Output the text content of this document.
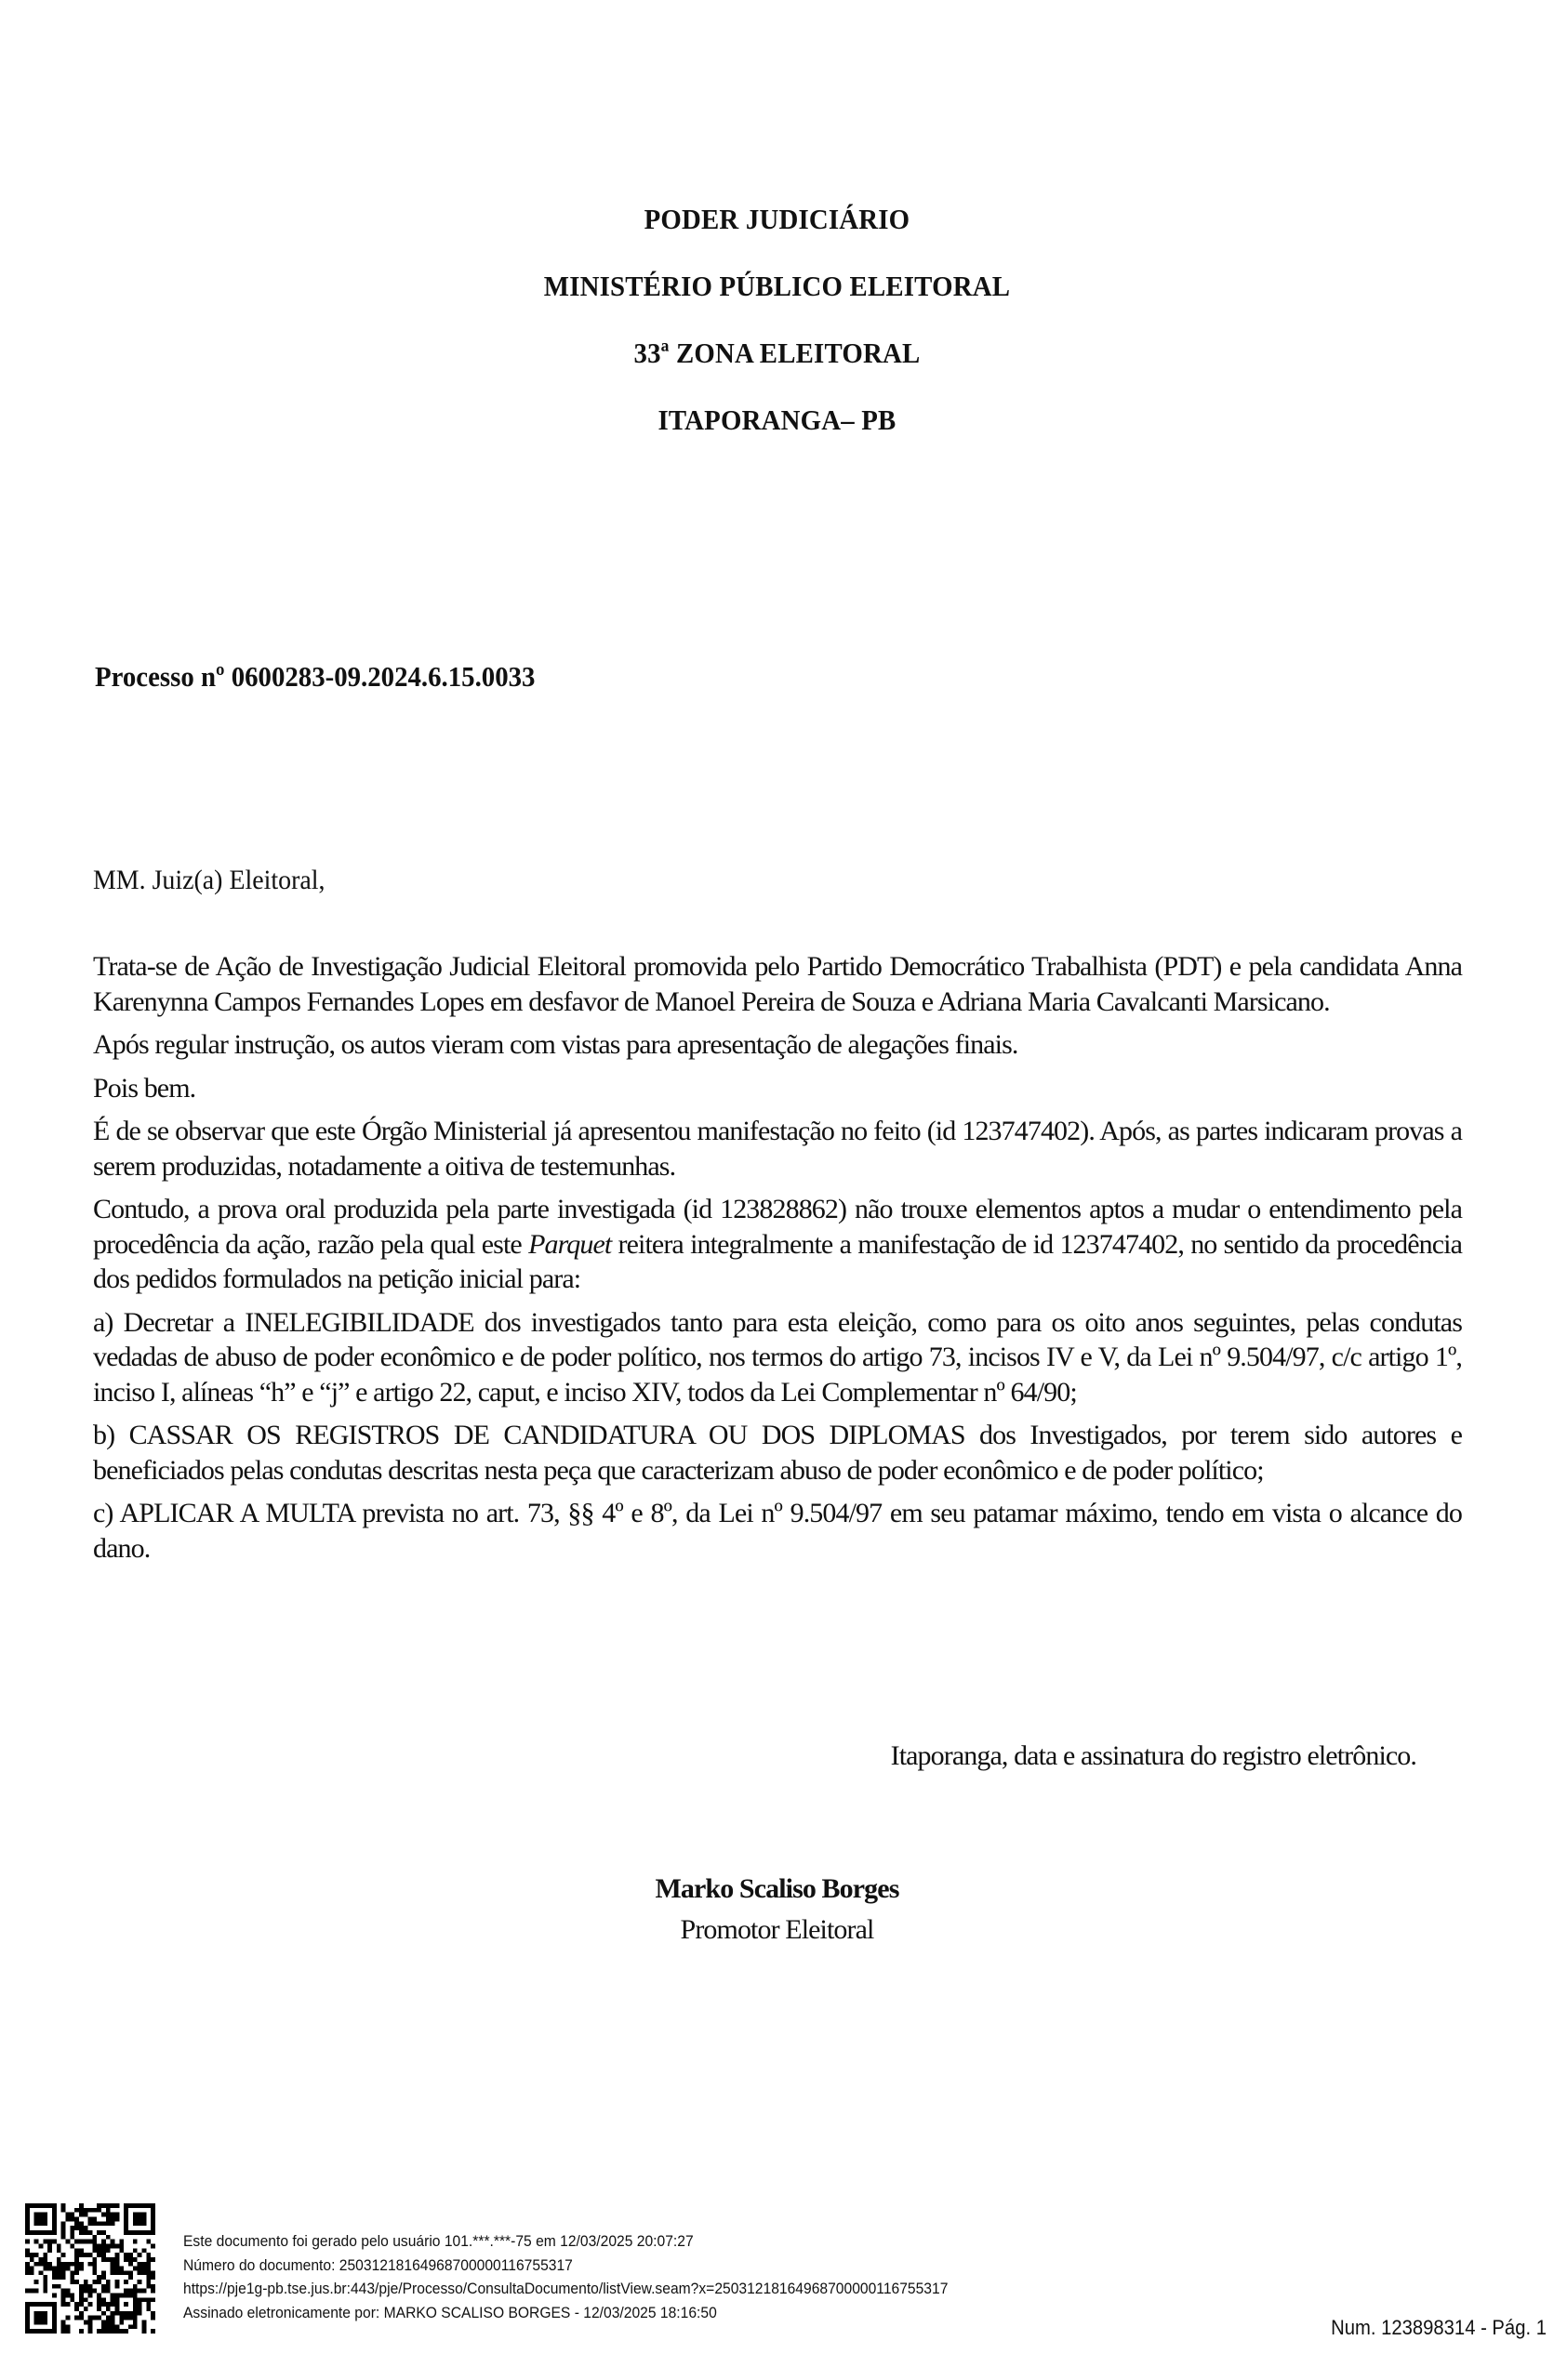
PODER JUDICIÁRIO
MINISTÉRIO PÚBLICO ELEITORAL
33ª ZONA ELEITORAL
ITAPORANGA– PB
Processo nº 0600283-09.2024.6.15.0033
MM. Juiz(a) Eleitoral,

Trata-se de Ação de Investigação Judicial Eleitoral promovida pelo Partido Democrático Trabalhista (PDT) e pela candidata Anna Karenynna Campos Fernandes Lopes em desfavor de Manoel Pereira de Souza e Adriana Maria Cavalcanti Marsicano.

Após regular instrução, os autos vieram com vistas para apresentação de alegações finais.

Pois bem.

É de se observar que este Órgão Ministerial já apresentou manifestação no feito (id 123747402). Após, as partes indicaram provas a serem produzidas, notadamente a oitiva de testemunhas.

Contudo, a prova oral produzida pela parte investigada (id 123828862) não trouxe elementos aptos a mudar o entendimento pela procedência da ação, razão pela qual este Parquet reitera integralmente a manifestação de id 123747402, no sentido da procedência dos pedidos formulados na petição inicial para:

a) Decretar a INELEGIBILIDADE dos investigados tanto para esta eleição, como para os oito anos seguintes, pelas condutas vedadas de abuso de poder econômico e de poder político, nos termos do artigo 73, incisos IV e V, da Lei nº 9.504/97, c/c artigo 1º, inciso I, alíneas “h” e “j” e artigo 22, caput, e inciso XIV, todos da Lei Complementar nº 64/90;

b) CASSAR OS REGISTROS DE CANDIDATURA OU DOS DIPLOMAS dos Investigados, por terem sido autores e beneficiados pelas condutas descritas nesta peça que caracterizam abuso de poder econômico e de poder político;

c) APLICAR A MULTA prevista no art. 73, §§ 4º e 8º, da Lei nº 9.504/97 em seu patamar máximo, tendo em vista o alcance do dano.

Itaporanga, data e assinatura do registro eletrônico.
Marko Scaliso Borges
Promotor Eleitoral
Este documento foi gerado pelo usuário 101.***.***-75 em 12/03/2025 20:07:27
Número do documento: 25031218164968700000116755317
https://pje1g-pb.tse.jus.br:443/pje/Processo/ConsultaDocumento/listView.seam?x=25031218164968700000116755317
Assinado eletronicamente por: MARKO SCALISO BORGES - 12/03/2025 18:16:50
Num. 123898314 - Pág. 1
